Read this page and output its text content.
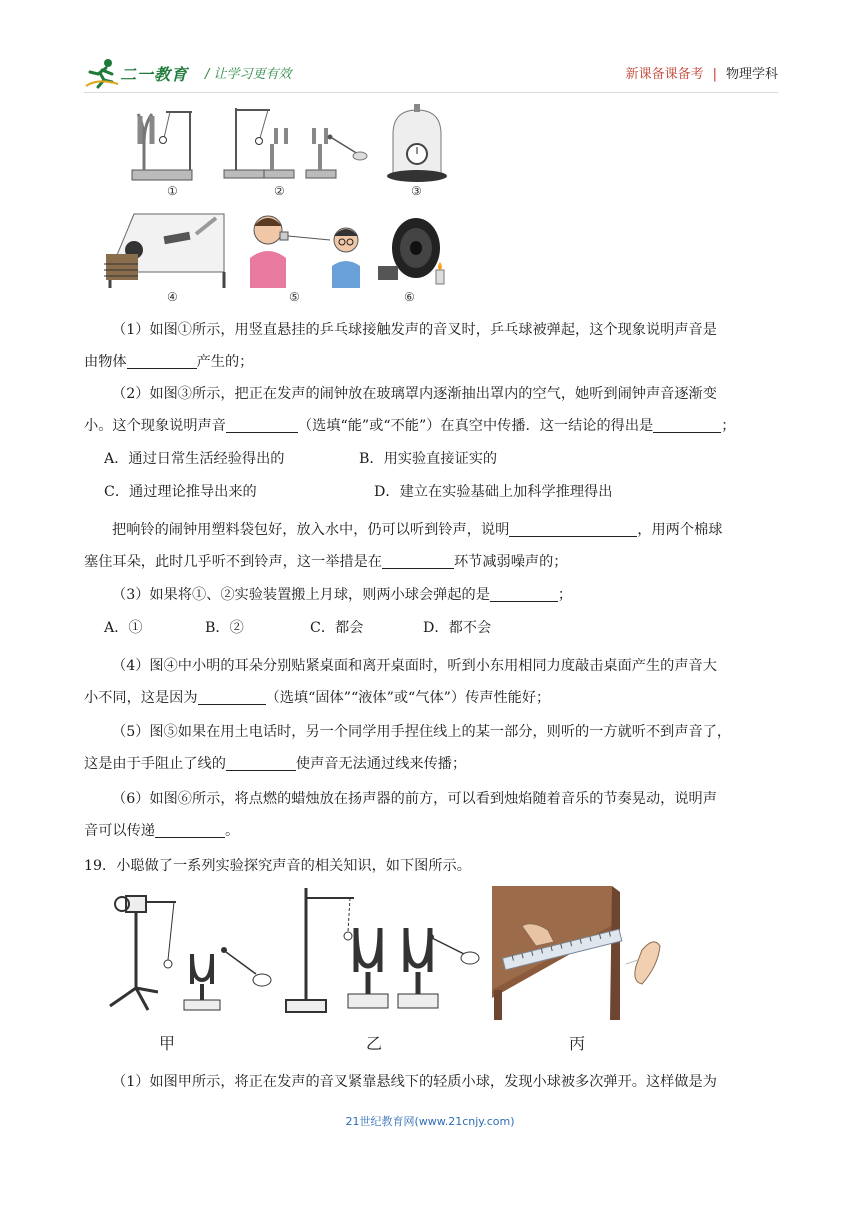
二一教育 / 让学习更有效	新课备课备考 | 物理学科
①	②	③
④	⑤	⑥
（1）如图①所示，用竖直悬挂的乒乓球接触发声的音叉时，乒乓球被弹起，这个现象说明声音是
由物体	产生的；
（2）如图③所示，把正在发声的闹钟放在玻璃罩内逐渐抽出罩内的空气，她听到闹钟声音逐渐变
小。这个现象说明声音	（选填“能”或“不能”）在真空中传播．这一结论的得出是	；
A．通过日常生活经验得出的	B．用实验直接证实的
C．通过理论推导出来的	D．建立在实验基础上加科学推理得出
把响铃的闹钟用塑料袋包好，放入水中，仍可以听到铃声，说明	，用两个棉球
塞住耳朵，此时几乎听不到铃声，这一举措是在	环节减弱噪声的；
（3）如果将①、②实验装置搬上月球，则两小球会弹起的是	；
A．①	B．②	C．都会	D．都不会
（4）图④中小明的耳朵分别贴紧桌面和离开桌面时，听到小东用相同力度敲击桌面产生的声音大
小不同，这是因为	（选填“固体”“液体”或“气体”）传声性能好；
（5）图⑤如果在用土电话时，另一个同学用手捏住线上的某一部分，则听的一方就听不到声音了，
这是由于手阻止了线的	使声音无法通过线来传播；
（6）如图⑥所示，将点燃的蜡烛放在扬声器的前方，可以看到烛焰随着音乐的节奏晃动，说明声
音可以传递	。
19．小聪做了一系列实验探究声音的相关知识，如下图所示。
甲	乙	丙
（1）如图甲所示，将正在发声的音叉紧靠悬线下的轻质小球，发现小球被多次弹开。这样做是为
21世纪教育网(www.21cnjy.com)
